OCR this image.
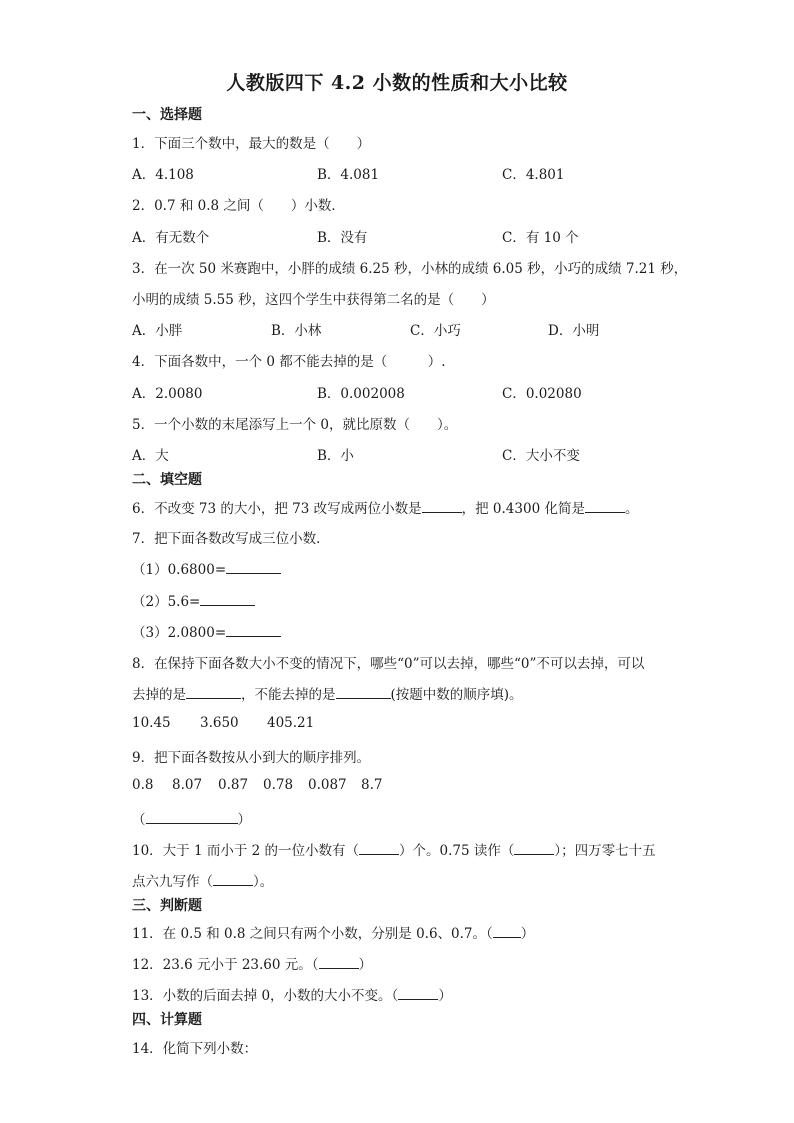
人教版四下 4.2 小数的性质和大小比较
一、选择题
1．下面三个数中，最大的数是（　　）
A．4.108	B．4.081	C．4.801
2．0.7 和 0.8 之间（　　）小数．
A．有无数个	B．没有	C．有 10 个
3．在一次 50 米赛跑中，小胖的成绩 6.25 秒，小林的成绩 6.05 秒，小巧的成绩 7.21 秒，
小明的成绩 5.55 秒，这四个学生中获得第二名的是（　　）
A．小胖	B．小林	C．小巧	D．小明
4．下面各数中，一个 0 都不能去掉的是（　　　）.
A．2.0080	B．0.002008	C．0.02080
5．一个小数的末尾添写上一个 0，就比原数（　　）。
A．大	B．小	C．大小不变
二、填空题
6．不改变 73 的大小，把 73 改写成两位小数是	，把 0.4300 化简是	。
7．把下面各数改写成三位小数．
（1）0.6800=
（2）5.6=
（3）2.0800=
8．在保持下面各数大小不变的情况下，哪些“0”可以去掉，哪些“0”不可以去掉，可以
去掉的是	，不能去掉的是	(按题中数的顺序填)。
10.45 3.650 405.21
9．把下面各数按从小到大的顺序排列。
0.8 8.07 0.87 0.78 0.087 8.7
（	）
10．大于 1 而小于 2 的一位小数有（	）个。0.75 读作（	）；四万零七十五
点六九写作（	）。
三、判断题
11．在 0.5 和 0.8 之间只有两个小数，分别是 0.6、0.7。（ ）
12．23.6 元小于 23.60 元。（	）
13．小数的后面去掉 0，小数的大小不变。（	）
四、计算题
14．化简下列小数：
